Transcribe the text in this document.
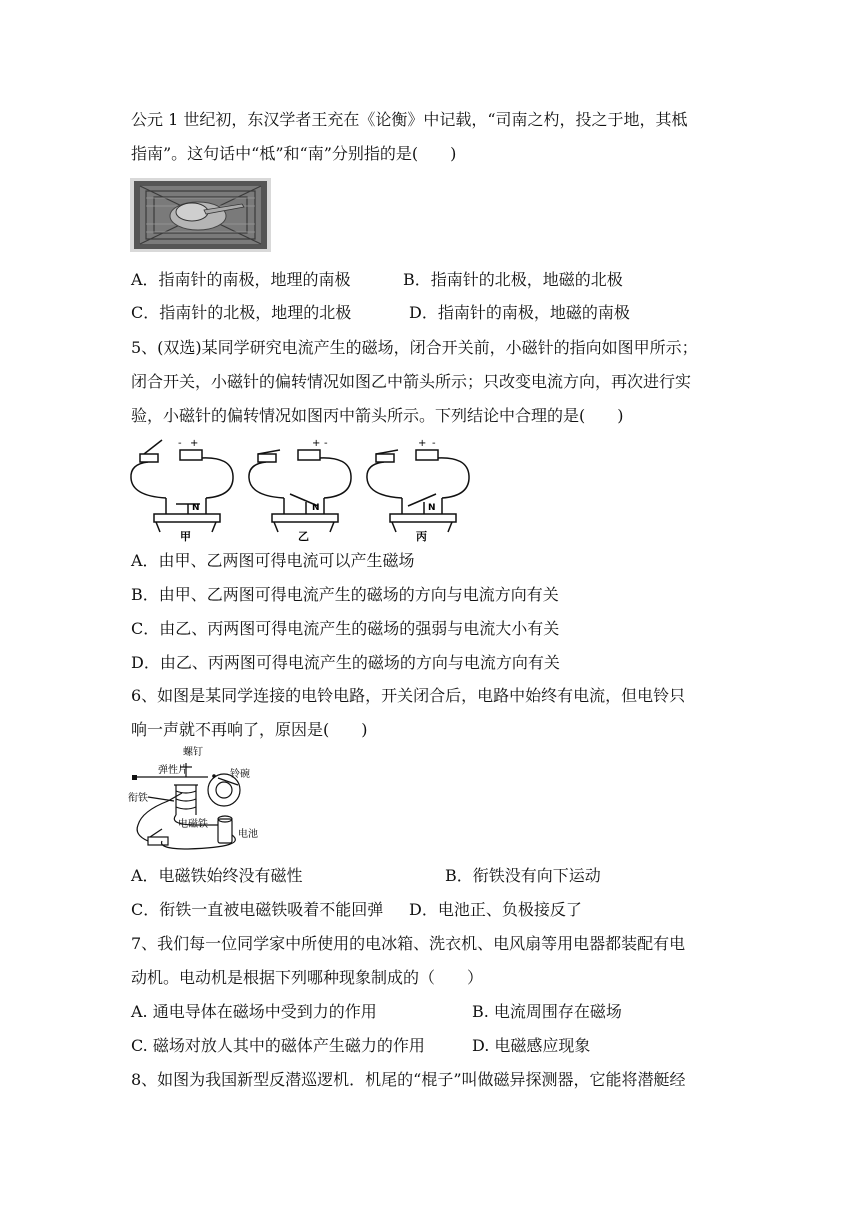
公元 1 世纪初，东汉学者王充在《论衡》中记载，“司南之杓，投之于地，其柢
指南”。这句话中“柢”和“南”分别指的是(　　)
A．指南针的南极，地理的南极	B．指南针的北极，地磁的北极
C．指南针的北极，地理的北极	D．指南针的南极，地磁的南极
5、(双选)某同学研究电流产生的磁场，闭合开关前，小磁针的指向如图甲所示；
闭合开关，小磁针的偏转情况如图乙中箭头所示；只改变电流方向，再次进行实
验，小磁针的偏转情况如图丙中箭头所示。下列结论中合理的是(　　)
+
-
N
甲
+ -
N
乙
+ -
N
丙
A．由甲、乙两图可得电流可以产生磁场
B．由甲、乙两图可得电流产生的磁场的方向与电流方向有关
C．由乙、丙两图可得电流产生的磁场的强弱与电流大小有关
D．由乙、丙两图可得电流产生的磁场的方向与电流方向有关
6、如图是某同学连接的电铃电路，开关闭合后，电路中始终有电流，但电铃只
响一声就不再响了，原因是(　　)
螺钉
弹性片	铃碗
衔铁
电磁铁
电池
A．电磁铁始终没有磁性	B．衔铁没有向下运动
C．衔铁一直被电磁铁吸着不能回弹 D．电池正、负极接反了
7、我们每一位同学家中所使用的电冰箱、洗衣机、电风扇等用电器都装配有电
动机。电动机是根据下列哪种现象制成的（　　）
A. 通电导体在磁场中受到力的作用	B. 电流周围存在磁场
C. 磁场对放人其中的磁体产生磁力的作用	D. 电磁感应现象
8、如图为我国新型反潜巡逻机．机尾的“棍子”叫做磁异探测器，它能将潜艇经
